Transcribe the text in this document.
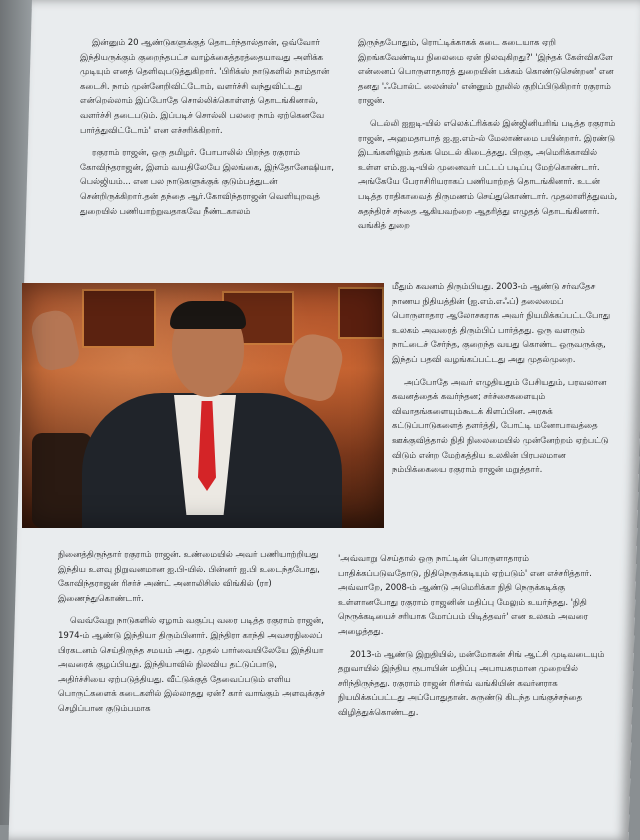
இன்னும் 20 ஆண்டுகளுக்குத் தொடர்ந்தால்தான், ஒவ்வோர் இந்தியருக்கும் குறைந்தபட்ச வாழ்க்கைத்தரத்தையாவது அளிக்க முடியும் எனத் தெளிவுபடுத்துகிறார். 'பிரிக்ஸ் நாடுகளில் நாம்தான் கடைசி. நாம் முன்னேறிவிட்டோம், வளர்ச்சி வந்துவிட்டது என்றெல்லாம் இப்போதே சொல்லிக்கொள்ளத் தொடங்கினால், வளர்ச்சி தடைபடும். இப்படிச் சொல்லி பலரை நாம் ஏற்கெனவே பார்த்துவிட்டோம்' என எச்சரிக்கிறார்.

ரகுராம் ராஜன், ஒரு தமிழர். போபாலில் பிறந்த ரகுராம் கோவிந்தராஜன், இளம் வயதிலேயே இலங்கை, இந்தோனேஷியா, பெல்ஜியம்... என பல நாடுகளுக்குக் குடும்பத்துடன் சென்றிருக்கிறார்.தன் தந்தை ஆர்.கோவிந்தராஜன் வெளியுறவுத் துறையில் பணியாற்றுவதாகவே நீண்டகாலம்

இருந்தபோதும், ரொட்டிக்காகக் கடை கடையாக ஏறி இறங்கவேண்டிய நிலைமை ஏன் நிலவுகிறது?' 'இந்தக் கேள்விகளே என்னைப் பொருளாதாரத் துறையின் பக்கம் கொண்டுசென்றன' என தனது 'ஃபோல்ட் லைன்ஸ்' என்னும் நூலில் குறிப்பிடுகிறார் ரகுராம் ராஜன்.

டெல்லி ஐஐடி-யில் எலெக்ட்ரிக்கல் இன்ஜினியரிங் படித்த ரகுராம் ராஜன், அஹமதாபாத் ஐ.ஐ.எம்-ல் மேலாண்மை பயின்றார். இரண்டு இடங்களிலும் தங்க மெடல் கிடைத்தது. பிறகு, அமெரிக்காவில் உள்ள எம்.ஐ.டி-யில் முனைவர் பட்டப் படிப்பு மேற்கொண்டார். அங்கேயே பேராசிரியராகப் பணியாற்றத் தொடங்கினார். உடன் படித்த ராதிகாவைத் திருமணம் செய்துகொண்டார். முதலாளித்துவம், சுதந்திரச் சந்தை ஆகியவற்றை ஆதரித்து எழுதத் தொடங்கினார். வங்கித் துறை

மீதும் கவனம் திரும்பியது. 2003-ம் ஆண்டு சர்வதேச நாணய நிதியத்தின் (ஐ.எம்.எஃப்) தலைமைப் பொருளாதார ஆலோசகராக அவர் நியமிக்கப்பட்டபோது உலகம் அவரைத் திரும்பிப் பார்த்தது. ஒரு வளரும் நாட்டைச் சேர்ந்த, குறைந்த வயது கொண்ட ஒருவருக்கு, இந்தப் பதவி வழங்கப்பட்டது அது முதல்முறை.

அப்போதே அவர் எழுதியதும் பேசியதும், பரவலான கவனத்தைக் கவர்ந்தன; சர்ச்சைகளையும் விவாதங்களையும்கூடக் கிளப்பின. அரசுக் கட்டுப்பாடுகளைத் தளர்த்தி, போட்டி மனோபாவத்தை ஊக்குவித்தால் நிதி நிலைமையில் முன்னேற்றம் ஏற்பட்டு விடும் என்ற மேற்கத்திய உலகின் பிரபலமான நம்பிக்கையை ரகுராம் ராஜன் மறுத்தார்.

நினைத்திருந்தார் ரகுராம் ராஜன். உண்மையில் அவர் பணியாற்றியது இந்திய உளவு நிறுவனமான ஐ.பி-யில். பின்னர் ஐ.பி உடைந்தபோது, கோவிந்தராஜன் ரிசர்ச் அண்ட் அனாலிசிஸ் விங்கில் (ரா) இணைந்துகொண்டார்.

வெவ்வேறு நாடுகளில் ஏழாம் வகுப்பு வரை படித்த ரகுராம் ராஜன், 1974-ம் ஆண்டு இந்தியா திரும்பினார். இந்திரா காந்தி அவசரநிலைப் பிரகடனம் செய்திருந்த சமயம் அது. முதல் பார்வையிலேயே இந்தியா அவரைக் குழப்பியது. இந்தியாவில் நிலவிய தட்டுப்பாடு, அதிர்ச்சியை ஏற்படுத்தியது. வீட்டுக்குத் தேவைப்படும் எளிய பொருட்களைக் கடைகளில் இல்லாதது ஏன்? கார் வாங்கும் அளவுக்குச் செழிப்பான குடும்பமாக

'அவ்வாறு செய்தால் ஒரு நாட்டின் பொருளாதாரம் பாதிக்கப்படுவதோடு, நிதிநெருக்கடியும் ஏற்படும்' என எச்சரித்தார். அவ்வாறே, 2008-ம் ஆண்டு அமெரிக்கா நிதி நெருக்கடிக்கு உள்ளானபோது ரகுராம் ராஜனின் மதிப்பு மேலும் உயர்ந்தது. 'நிதி நெருக்கடியைச் சரியாக மோப்பம் பிடித்தவர்' என உலகம் அவரை அழைத்தது.

2013-ம் ஆண்டு இறுதியில், மன்மோகன் சிங் ஆட்சி முடிவடையும் தறுவாயில் இந்திய ரூபாயின் மதிப்பு அபாயகரமான முறையில் சரிந்திருந்தது. ரகுராம் ராஜன் ரிசர்வ் வங்கியின் கவர்னராக நியமிக்கப்பட்டது அப்போதுதான். சுருண்டு கிடந்த பங்குச்சந்தை விழித்துக்கொண்டது.
